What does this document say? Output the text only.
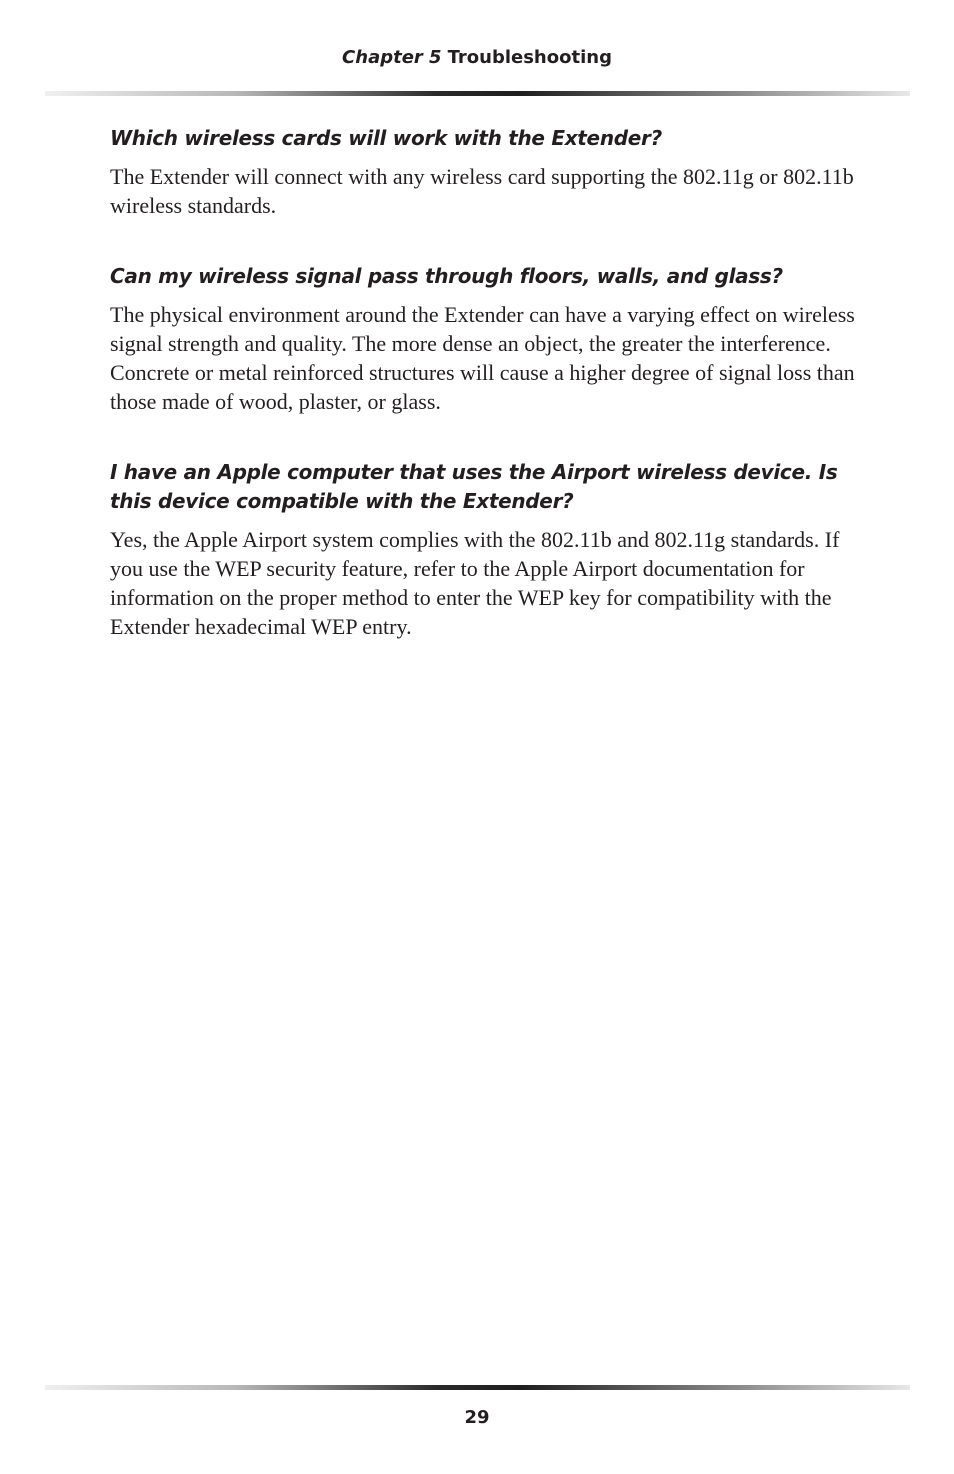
Chapter 5 Troubleshooting

Which wireless cards will work with the Extender?

The Extender will connect with any wireless card supporting the 802.11g or 802.11b wireless standards.

Can my wireless signal pass through floors, walls, and glass?

The physical environment around the Extender can have a varying effect on wireless signal strength and quality. The more dense an object, the greater the interference. Concrete or metal reinforced structures will cause a higher degree of signal loss than those made of wood, plaster, or glass.

I have an Apple computer that uses the Airport wireless device. Is this device compatible with the Extender?

Yes, the Apple Airport system complies with the 802.11b and 802.11g standards. If you use the WEP security feature, refer to the Apple Airport documentation for information on the proper method to enter the WEP key for compatibility with the Extender hexadecimal WEP entry.

29
